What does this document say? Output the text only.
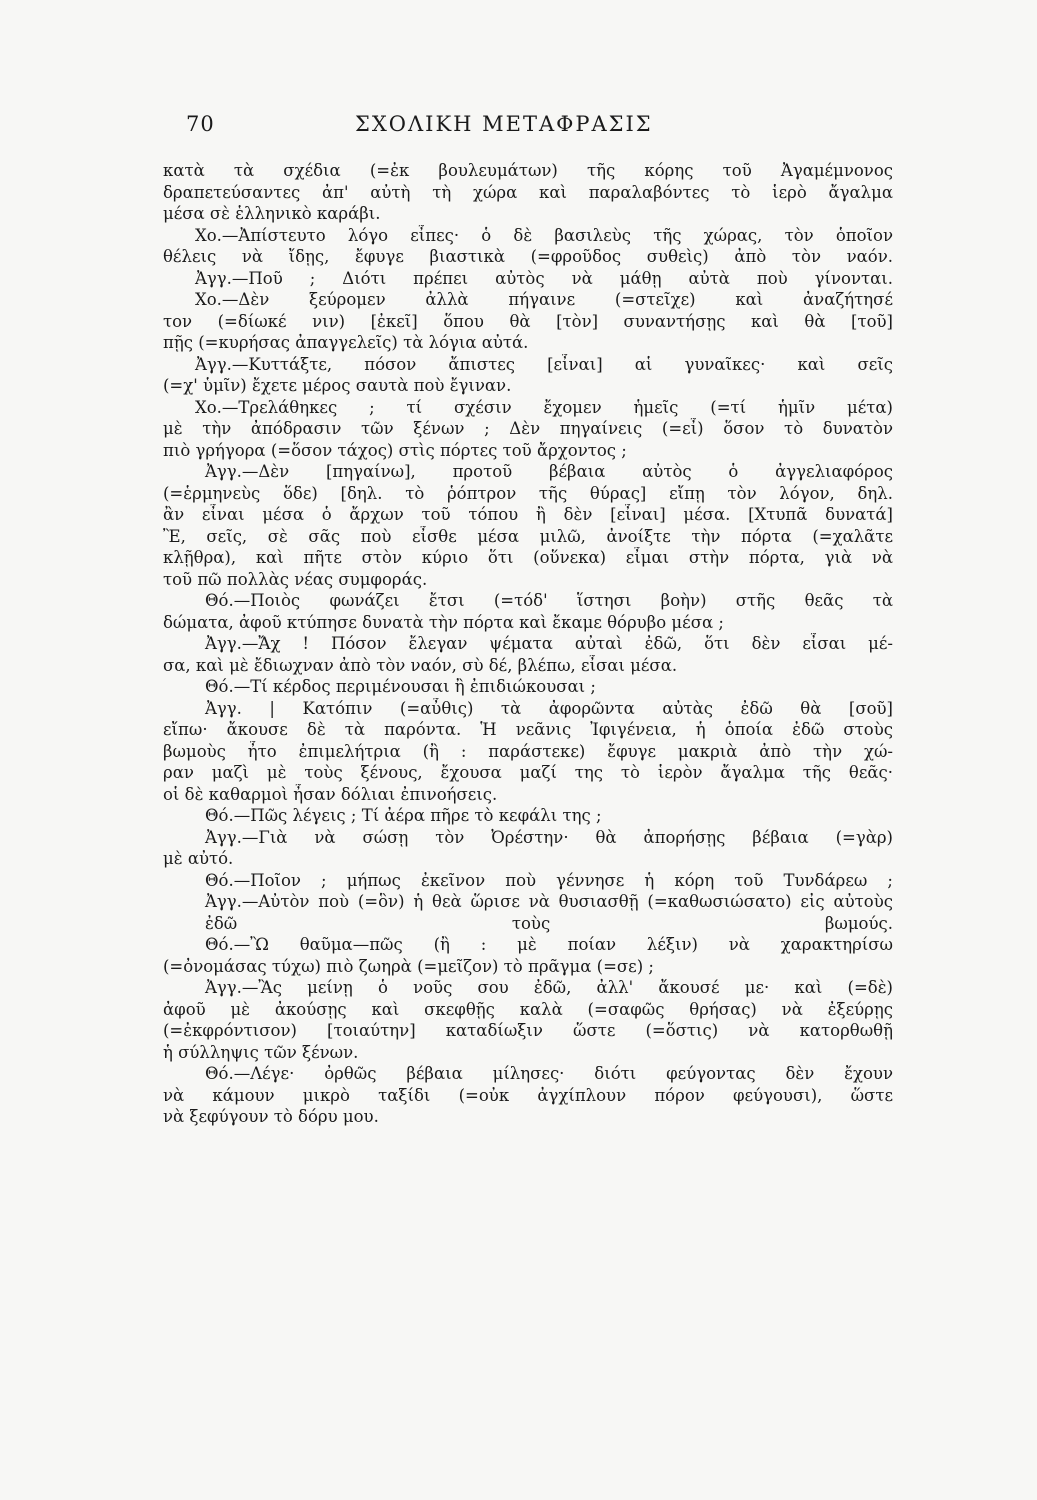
70	ΣΧΟΛΙΚΗ ΜΕΤΑΦΡΑΣΙΣ
κατὰ τὰ σχέδια (=ἐκ βουλευμάτων) τῆς κόρης τοῦ Ἀγαμέμνονος
δραπετεύσαντες ἀπ' αὐτὴ τὴ χώρα καὶ παραλαβόντες τὸ ἱερὸ ἄγαλμα
μέσα σὲ ἑλληνικὸ καράβι.
Χο.—Ἀπίστευτο λόγο εἶπες· ὁ δὲ βασιλεὺς τῆς χώρας, τὸν ὁποῖον
θέλεις νὰ ἴδῃς, ἔφυγε βιαστικὰ (=φροῦδος συθεὶς) ἀπὸ τὸν ναόν.
Ἀγγ.—Ποῦ ; Διότι πρέπει αὐτὸς νὰ μάθῃ αὐτὰ ποὺ γίνονται.
Χο.—Δὲν ξεύρομεν ἀλλὰ πήγαινε (=στεῖχε) καὶ ἀναζήτησέ
τον (=δίωκέ νιν) [ἐκεῖ] ὅπου θὰ [τὸν] συναντήσῃς καὶ θὰ [τοῦ]
πῇς (=κυρήσας ἀπαγγελεῖς) τὰ λόγια αὐτά.
Ἀγγ.—Κυττάξτε, πόσον ἄπιστες [εἶναι] αἱ γυναῖκες· καὶ σεῖς
(=χ' ὑμῖν) ἔχετε μέρος σαυτὰ ποὺ ἔγιναν.
Χο.—Τρελάθηκες ; τί σχέσιν ἔχομεν ἡμεῖς (=τί ἡμῖν μέτα)
μὲ τὴν ἀπόδρασιν τῶν ξένων ; Δὲν πηγαίνεις (=εἶ) ὅσον τὸ δυνατὸν
πιὸ γρήγορα (=ὅσον τάχος) στὶς πόρτες τοῦ ἄρχοντος ;
Ἀγγ.—Δὲν [πηγαίνω], προτοῦ βέβαια αὐτὸς ὁ ἀγγελιαφόρος
(=ἑρμηνεὺς ὅδε) [δηλ. τὸ ῥόπτρον τῆς θύρας] εἴπῃ τὸν λόγον, δηλ.
ἂν εἶναι μέσα ὁ ἄρχων τοῦ τόπου ἢ δὲν [εἶναι] μέσα. [Χτυπᾶ δυνατά]
Ἒ, σεῖς, σὲ σᾶς ποὺ εἶσθε μέσα μιλῶ, ἀνοίξτε τὴν πόρτα (=χαλᾶτε
κλῇθρα), καὶ πῆτε στὸν κύριο ὅτι (οὕνεκα) εἶμαι στὴν πόρτα, γιὰ νὰ
τοῦ πῶ πολλὰς νέας συμφοράς.
Θό.—Ποιὸς φωνάζει ἔτσι (=τόδ' ἵστησι βοὴν) στῆς θεᾶς τὰ
δώματα, ἀφοῦ κτύπησε δυνατὰ τὴν πόρτα καὶ ἔκαμε θόρυβο μέσα ;
Ἀγγ.—Ἄχ ! Πόσον ἔλεγαν ψέματα αὐταὶ ἐδῶ, ὅτι δὲν εἶσαι μέ-
σα, καὶ μὲ ἔδιωχναν ἀπὸ τὸν ναόν, σὺ δέ, βλέπω, εἶσαι μέσα.
Θό.—Τί κέρδος περιμένουσαι ἢ ἐπιδιώκουσαι ;
Ἀγγ. | Κατόπιν (=αὖθις) τὰ ἀφορῶντα αὐτὰς ἐδῶ θὰ [σοῦ]
εἴπω· ἄκουσε δὲ τὰ παρόντα. Ἡ νεᾶνις Ἰφιγένεια, ἡ ὁποία ἐδῶ στοὺς
βωμοὺς ἦτο ἐπιμελήτρια (ἢ : παράστεκε) ἔφυγε μακριὰ ἀπὸ τὴν χώ-
ραν μαζὶ μὲ τοὺς ξένους, ἔχουσα μαζί της τὸ ἱερὸν ἄγαλμα τῆς θεᾶς·
οἱ δὲ καθαρμοὶ ἦσαν δόλιαι ἐπινοήσεις.
Θό.—Πῶς λέγεις ; Τί ἀέρα πῆρε τὸ κεφάλι της ;
Ἀγγ.—Γιὰ νὰ σώσῃ τὸν Ὀρέστην· θὰ ἀπορήσῃς βέβαια (=γὰρ)
μὲ αὐτό.
Θό.—Ποῖον ; μήπως ἐκεῖνον ποὺ γέννησε ἡ κόρη τοῦ Τυνδάρεω ;
Ἀγγ.—Αὐτὸν ποὺ (=ὃν) ἡ θεὰ ὥρισε νὰ θυσιασθῇ (=καθωσιώσατο) εἰς αὐτοὺς ἐδῶ τοὺς βωμούς.
Θό.—Ὢ θαῦμα—πῶς (ἢ : μὲ ποίαν λέξιν) νὰ χαρακτηρίσω
(=ὀνομάσας τύχω) πιὸ ζωηρὰ (=μεῖζον) τὸ πρᾶγμα (=σε) ;
Ἀγγ.—Ἂς μείνῃ ὁ νοῦς σου ἐδῶ, ἀλλ' ἄκουσέ με· καὶ (=δὲ)
ἀφοῦ μὲ ἀκούσῃς καὶ σκεφθῇς καλὰ (=σαφῶς θρήσας) νὰ ἐξεύρῃς
(=ἐκφρόντισον) [τοιαύτην] καταδίωξιν ὥστε (=ὅστις) νὰ κατορθωθῇ
ἡ σύλληψις τῶν ξένων.
Θό.—Λέγε· ὀρθῶς βέβαια μίλησες· διότι φεύγοντας δὲν ἔχουν
νὰ κάμουν μικρὸ ταξίδι (=οὐκ ἀγχίπλουν πόρον φεύγουσι), ὥστε
νὰ ξεφύγουν τὸ δόρυ μου.
